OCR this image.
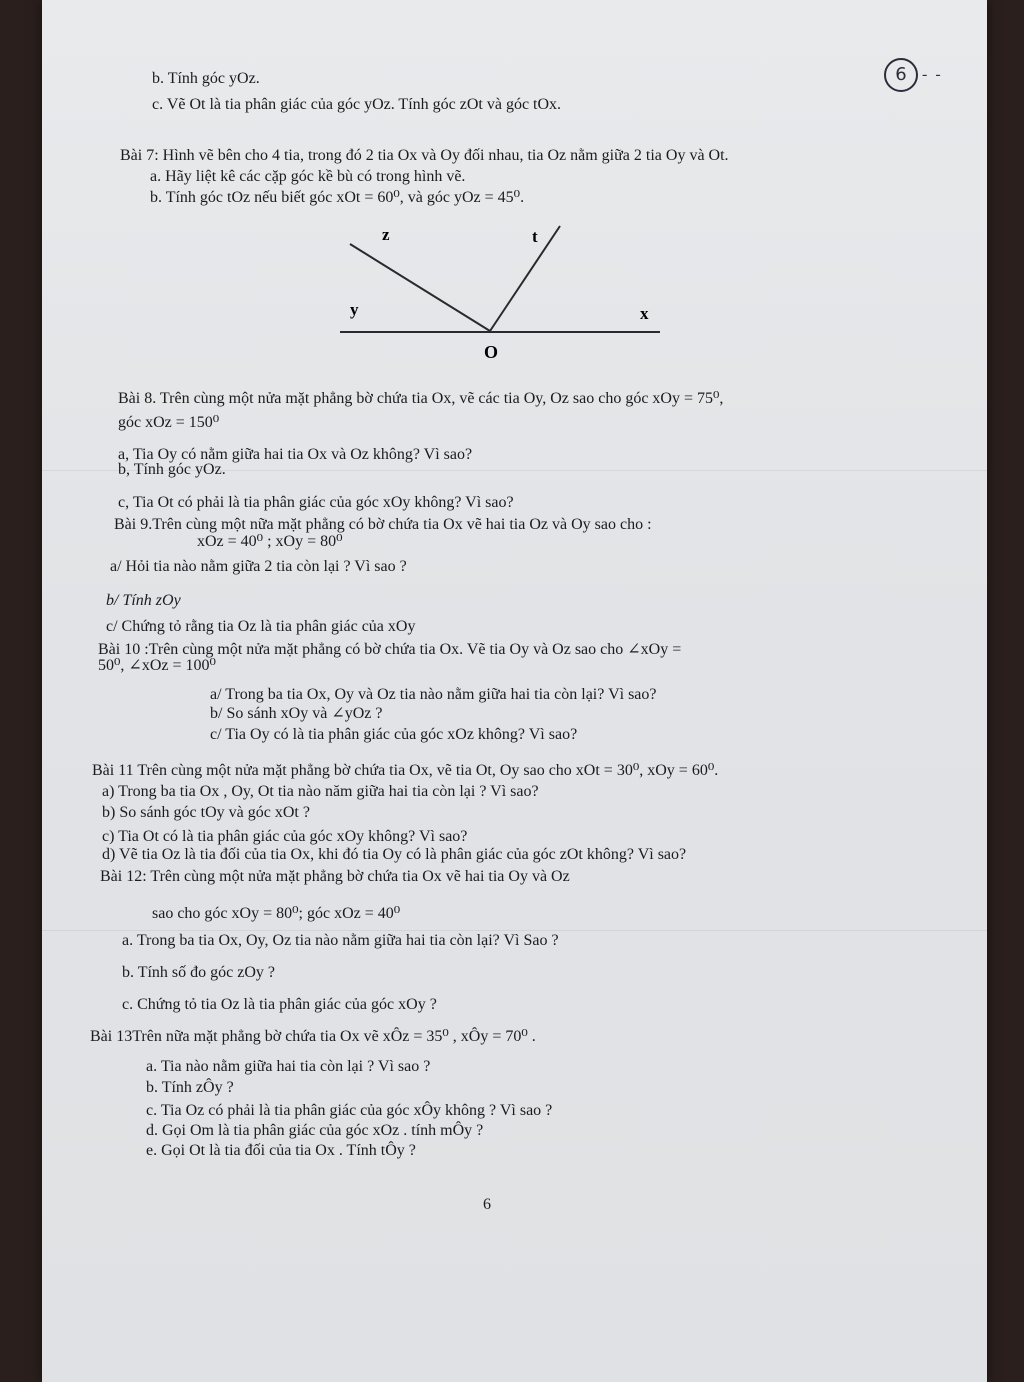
6 - -
b. Tính góc yOz.
c. Vẽ Ot là tia phân giác của góc yOz. Tính góc zOt và góc tOx.
Bài 7: Hình vẽ bên cho 4 tia, trong đó 2 tia Ox và Oy đối nhau, tia Oz nằm giữa 2 tia Oy và Ot.
a. Hãy liệt kê các cặp góc kề bù có trong hình vẽ.
b. Tính góc tOz nếu biết góc xOt = 60⁰, và góc yOz = 45⁰.
z	t
y	x
O
Bài 8. Trên cùng một nửa mặt phẳng bờ chứa tia Ox, vẽ các tia Oy, Oz sao cho góc xOy = 75⁰,
góc xOz = 150⁰
a, Tia Oy có nằm giữa hai tia Ox và Oz không? Vì sao?
b, Tính góc yOz.
c, Tia Ot có phải là tia phân giác của góc xOy không? Vì sao?
Bài 9.Trên cùng một nữa mặt phẳng có bờ chứa tia Ox vẽ hai tia Oz và Oy sao cho :
xOz = 40⁰ ; xOy = 80⁰
a/ Hỏi tia nào nằm giữa 2 tia còn lại ? Vì sao ?
b/ Tính zOy
c/ Chứng tỏ rằng tia Oz là tia phân giác của xOy
Bài 10 :Trên cùng một nửa mặt phẳng có bờ chứa tia Ox. Vẽ tia Oy và Oz sao cho ∠xOy =
50⁰, ∠xOz = 100⁰
a/ Trong ba tia Ox, Oy và Oz tia nào nằm giữa hai tia còn lại? Vì sao?
b/ So sánh xOy và ∠yOz ?
c/ Tia Oy có là tia phân giác của góc xOz không? Vì sao?
Bài 11 Trên cùng một nửa mặt phẳng bờ chứa tia Ox, vẽ tia Ot, Oy sao cho xOt = 30⁰, xOy = 60⁰.
a) Trong ba tia Ox , Oy, Ot tia nào năm giữa hai tia còn lại ? Vì sao?
b) So sánh góc tOy và góc xOt ?
c) Tia Ot có là tia phân giác của góc xOy không? Vì sao?
d) Vẽ tia Oz là tia đối của tia Ox, khi đó tia Oy có là phân giác của góc zOt không? Vì sao?
Bài 12: Trên cùng một nửa mặt phẳng bờ chứa tia Ox vẽ hai tia Oy và Oz
sao cho góc xOy = 80⁰; góc xOz = 40⁰
a. Trong ba tia Ox, Oy, Oz tia nào nằm giữa hai tia còn lại? Vì Sao ?
b. Tính số đo góc zOy ?
c. Chứng tỏ tia Oz là tia phân giác của góc xOy ?
Bài 13Trên nữa mặt phẳng bờ chứa tia Ox vẽ xÔz = 35⁰ , xÔy = 70⁰ .
a. Tia nào nằm giữa hai tia còn lại ? Vì sao ?
b. Tính zÔy ?
c. Tia Oz có phải là tia phân giác của góc xÔy không ? Vì sao ?
d. Gọi Om là tia phân giác của góc xOz . tính mÔy ?
e. Gọi Ot là tia đối của tia Ox . Tính tÔy ?
6
